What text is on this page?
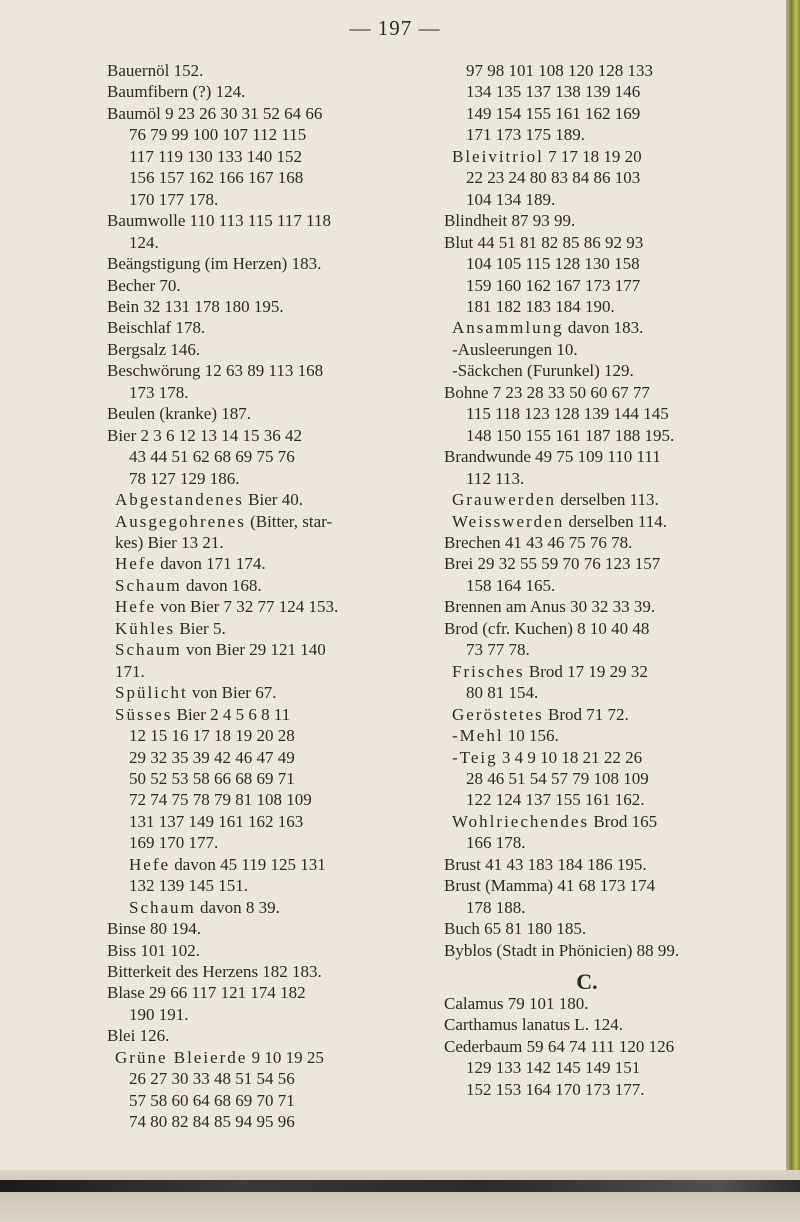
— 197 —
Bauernöl 152.
Baumfibern (?) 124.
Baumöl 9 23 26 30 31 52 64 66
76 79 99 100 107 112 115
117 119 130 133 140 152
156 157 162 166 167 168
170 177 178.
Baumwolle 110 113 115 117 118
124.
Beängstigung (im Herzen) 183.
Becher 70.
Bein 32 131 178 180 195.
Beischlaf 178.
Bergsalz 146.
Beschwörung 12 63 89 113 168
173 178.
Beulen (kranke) 187.
Bier 2 3 6 12 13 14 15 36 42
43 44 51 62 68 69 75 76
78 127 129 186.
Abgestandenes Bier 40.
Ausgegohrenes (Bitter, star-
kes) Bier 13 21.
Hefe davon 171 174.
Schaum davon 168.
Hefe von Bier 7 32 77 124 153.
Kühles Bier 5.
Schaum von Bier 29 121 140
171.
Spülicht von Bier 67.
Süsses Bier 2 4 5 6 8 11
12 15 16 17 18 19 20 28
29 32 35 39 42 46 47 49
50 52 53 58 66 68 69 71
72 74 75 78 79 81 108 109
131 137 149 161 162 163
169 170 177.
Hefe davon 45 119 125 131
132 139 145 151.
Schaum davon 8 39.
Binse 80 194.
Biss 101 102.
Bitterkeit des Herzens 182 183.
Blase 29 66 117 121 174 182
190 191.
Blei 126.
Grüne Bleierde 9 10 19 25
26 27 30 33 48 51 54 56
57 58 60 64 68 69 70 71
74 80 82 84 85 94 95 96
97 98 101 108 120 128 133
134 135 137 138 139 146
149 154 155 161 162 169
171 173 175 189.
Bleivitriol 7 17 18 19 20
22 23 24 80 83 84 86 103
104 134 189.
Blindheit 87 93 99.
Blut 44 51 81 82 85 86 92 93
104 105 115 128 130 158
159 160 162 167 173 177
181 182 183 184 190.
Ansammlung davon 183.
-Ausleerungen 10.
-Säckchen (Furunkel) 129.
Bohne 7 23 28 33 50 60 67 77
115 118 123 128 139 144 145
148 150 155 161 187 188 195.
Brandwunde 49 75 109 110 111
112 113.
Grauwerden derselben 113.
Weisswerden derselben 114.
Brechen 41 43 46 75 76 78.
Brei 29 32 55 59 70 76 123 157
158 164 165.
Brennen am Anus 30 32 33 39.
Brod (cfr. Kuchen) 8 10 40 48
73 77 78.
Frisches Brod 17 19 29 32
80 81 154.
Geröstetes Brod 71 72.
-Mehl 10 156.
-Teig 3 4 9 10 18 21 22 26
28 46 51 54 57 79 108 109
122 124 137 155 161 162.
Wohlriechendes Brod 165
166 178.
Brust 41 43 183 184 186 195.
Brust (Mamma) 41 68 173 174
178 188.
Buch 65 81 180 185.
Byblos (Stadt in Phönicien) 88 99.
C.
Calamus 79 101 180.
Carthamus lanatus L. 124.
Cederbaum 59 64 74 111 120 126
129 133 142 145 149 151
152 153 164 170 173 177.
